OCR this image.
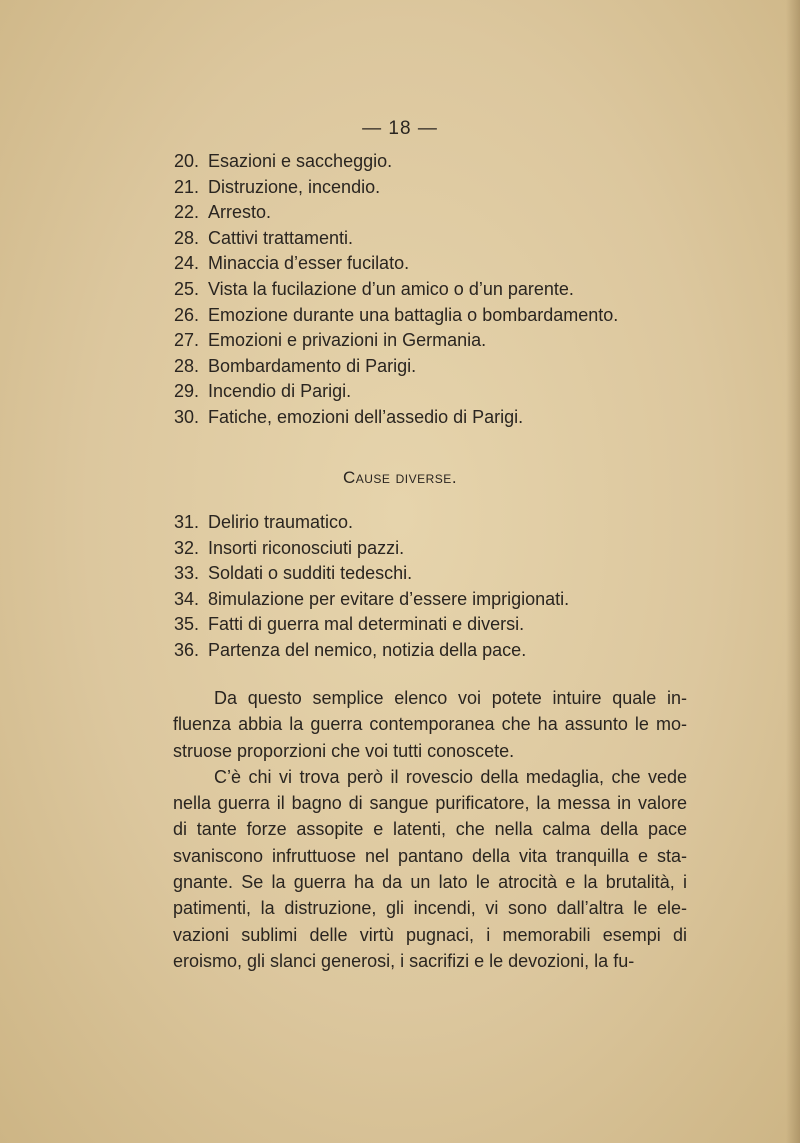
— 18 —
20. Esazioni e saccheggio.
21. Distruzione, incendio.
22. Arresto.
28. Cattivi trattamenti.
24. Minaccia d’esser fucilato.
25. Vista la fucilazione d’un amico o d’un parente.
26. Emozione durante una battaglia o bombardamento.
27. Emozioni e privazioni in Germania.
28. Bombardamento di Parigi.
29. Incendio di Parigi.
30. Fatiche, emozioni dell’assedio di Parigi.
Cause diverse.
31. Delirio traumatico.
32. Insorti riconosciuti pazzi.
33. Soldati o sudditi tedeschi.
34. 8imulazione per evitare d’essere imprigionati.
35. Fatti di guerra mal determinati e diversi.
36. Partenza del nemico, notizia della pace.

Da questo semplice elenco voi potete intuire quale influenza abbia la guerra contemporanea che ha assunto le mostruose proporzioni che voi tutti conoscete.

C’è chi vi trova però il rovescio della medaglia, che vede nella guerra il bagno di sangue purificatore, la messa in valore di tante forze assopite e latenti, che nella calma della pace svaniscono infruttuose nel pantano della vita tranquilla e stagnante. Se la guerra ha da un lato le atrocità e la brutalità, i patimenti, la distruzione, gli incendi, vi sono dall’altra le elevazioni sublimi delle virtù pugnaci, i memorabili esempi di eroismo, gli slanci generosi, i sacrifizi e le devozioni, la fu-
